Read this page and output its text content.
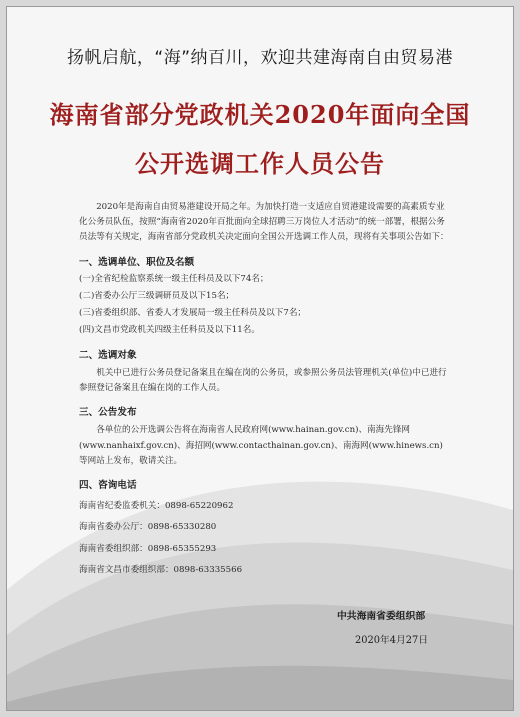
扬帆启航，“海”纳百川，欢迎共建海南自由贸易港
海南省部分党政机关2020年面向全国
公开选调工作人员公告

2020年是海南自由贸易港建设开局之年。为加快打造一支适应自贸港建设需要的高素质专业化公务员队伍，按照“海南省2020年百批面向全球招聘三万岗位人才活动”的统一部署，根据公务员法等有关规定，海南省部分党政机关决定面向全国公开选调工作人员，现将有关事项公告如下：

一、选调单位、职位及名额

(一)全省纪检监察系统一级主任科员及以下74名；

(二)省委办公厅三级调研员及以下15名；

(三)省委组织部、省委人才发展局一级主任科员及以下7名；

(四)文昌市党政机关四级主任科员及以下11名。

二、选调对象

机关中已进行公务员登记备案且在编在岗的公务员，或参照公务员法管理机关(单位)中已进行参照登记备案且在编在岗的工作人员。

三、公告发布

各单位的公开选调公告将在海南省人民政府网(www.hainan.gov.cn)、南海先锋网(www.nanhaixf.gov.cn)、海招网(www.contacthainan.gov.cn)、南海网(www.hinews.cn)等网站上发布，敬请关注。

四、咨询电话

海南省纪委监委机关：0898-65220962

海南省委办公厅：0898-65330280

海南省委组织部：0898-65355293

海南省文昌市委组织部：0898-63335566

中共海南省委组织部
2020年4月27日
